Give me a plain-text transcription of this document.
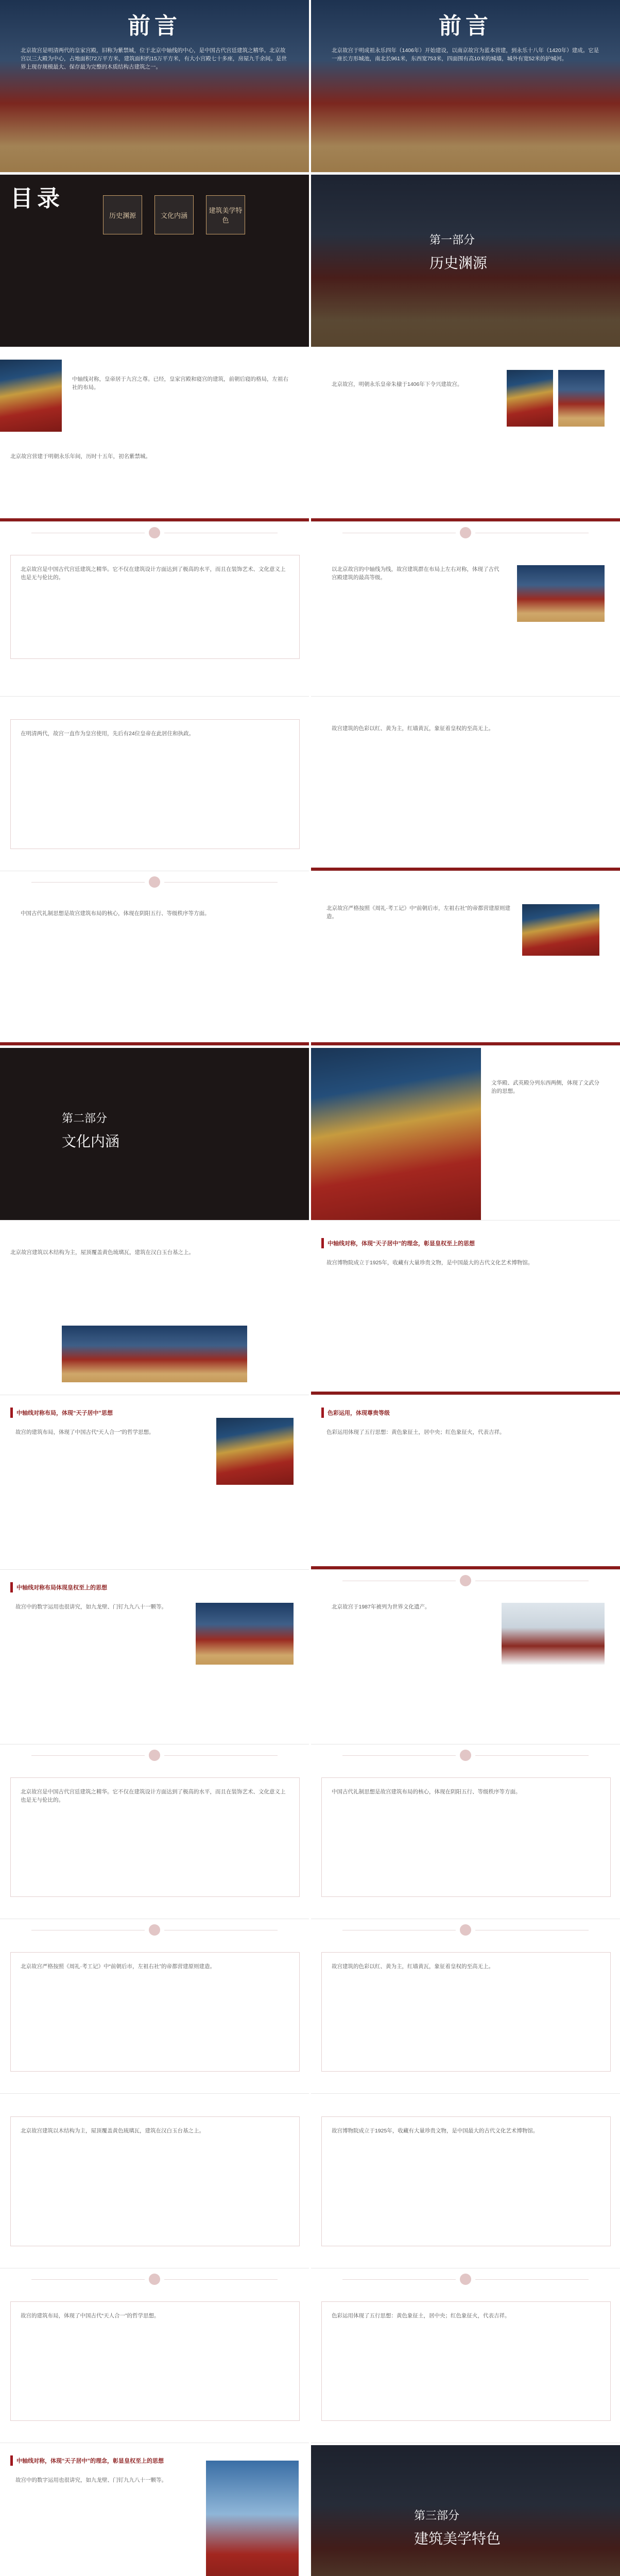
前言
北京故宫是明清两代的皇家宫殿，旧称为紫禁城，位于北京中轴线的中心，是中国古代宫廷建筑之精华。北京故宫以三大殿为中心，占地面积72万平方米，建筑面积约15万平方米，有大小宫殿七十多座，房屋九千余间。是世界上现存规模最大、保存最为完整的木质结构古建筑之一。
前言
北京故宫于明成祖永乐四年（1406年）开始建设，以南京故宫为蓝本营建，到永乐十八年（1420年）建成。它是一座长方形城池，南北长961米，东西宽753米，四面围有高10米的城墙，城外有宽52米的护城河。
目录
历史渊源	文化内涵
建筑美学特色
第一部分
历史渊源
中轴线对称，皇帝居于九宫之尊。已经，皇家宫殿和寝宫的建筑，前朝后寝的格局，左祖右社的布局。
北京故宫营建于明朝永乐年间，历时十五年，初名紫禁城。
北京故宫，明朝永乐皇帝朱棣于1406年下令兴建故宫。
北京故宫是中国古代宫廷建筑之精华。它不仅在建筑设计方面达到了极高的水平，而且在装饰艺术、文化意义上也是无与伦比的。
以北京故宫的中轴线为线，故宫建筑群在布局上左右对称，体现了古代宫殿建筑的最高等级。
在明清两代，故宫一直作为皇宫使用，先后有24位皇帝在此居住和执政。
故宫建筑的色彩以红、黄为主，红墙黄瓦，象征着皇权的至高无上。
中国古代礼制思想是故宫建筑布局的核心，体现在阴阳五行、等级秩序等方面。
北京故宫严格按照《周礼·考工记》中“前朝后市，左祖右社”的帝都营建原则建造。
第二部分
文化内涵
文华殿、武英殿分列东西两侧，体现了文武分治的思想。
北京故宫建筑以木结构为主，屋顶覆盖黄色琉璃瓦，建筑在汉白玉台基之上。
中轴线对称，体现“天子居中”的理念，彰显皇权至上的思想
故宫博物院成立于1925年，收藏有大量珍贵文物，是中国最大的古代文化艺术博物馆。
中轴线对称布局，体现“天子居中”思想
故宫的建筑布局，体现了中国古代“天人合一”的哲学思想。
色彩运用，体现尊贵等级
色彩运用体现了五行思想：黄色象征土，居中央；红色象征火，代表吉祥。
中轴线对称布局体现皇权至上的思想
故宫中的数字运用也很讲究，如九龙壁、门钉九九八十一颗等。	北京故宫于1987年被列为世界文化遗产。
北京故宫是中国古代宫廷建筑之精华。它不仅在建筑设计方面达到了极高的水平，而且在装饰艺术、文化意义上也是无与伦比的。
中国古代礼制思想是故宫建筑布局的核心，体现在阴阳五行、等级秩序等方面。
北京故宫严格按照《周礼·考工记》中“前朝后市，左祖右社”的帝都营建原则建造。	故宫建筑的色彩以红、黄为主，红墙黄瓦，象征着皇权的至高无上。
北京故宫建筑以木结构为主，屋顶覆盖黄色琉璃瓦，建筑在汉白玉台基之上。	故宫博物院成立于1925年，收藏有大量珍贵文物，是中国最大的古代文化艺术博物馆。
故宫的建筑布局，体现了中国古代“天人合一”的哲学思想。	色彩运用体现了五行思想：黄色象征土，居中央；红色象征火，代表吉祥。
中轴线对称，体现“天子居中”的理念，彰显皇权至上的思想
故宫中的数字运用也很讲究，如九龙壁、门钉九九八十一颗等。
第三部分
建筑美学特色
